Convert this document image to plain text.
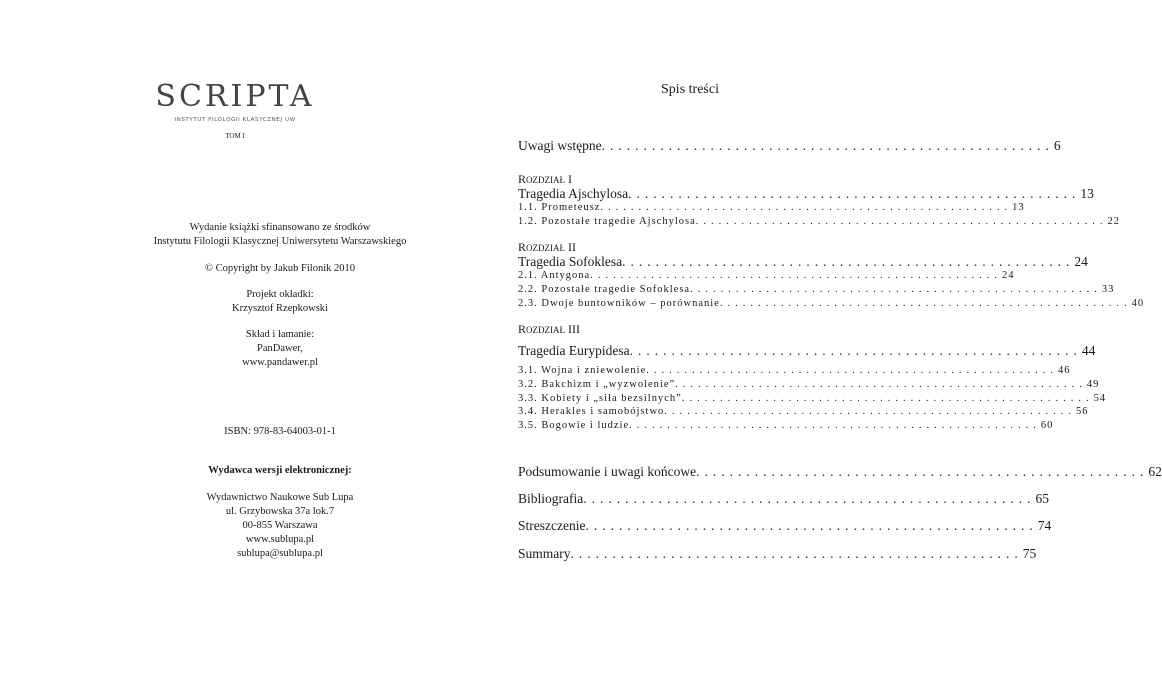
SCRIPTA
INSTYTUT FILOLOGII KLASYCZNEJ UW
TOM I
Wydanie książki sfinansowano ze środków
Instytutu Filologii Klasycznej Uniwersytetu Warszawskiego
© Copyright by Jakub Filonik 2010
Projekt okładki:
Krzysztof Rzepkowski
Skład i łamanie:
PanDawer,
www.pandawer.pl
ISBN: 978-83-64003-01-1
Wydawca wersji elektronicznej:
Wydawnictwo Naukowe Sub Lupa
ul. Grzybowska 37a lok.7
00-855 Warszawa
www.sublupa.pl
sublupa@sublupa.pl
Spis treści
Uwagi wstępne ...................................................... 6
ROZDZIAŁ I
Tragedia Ajschylosa ...................................................... 13
1.1. Prometeusz ...................................................... 13
1.2. Pozostałe tragedie Ajschylosa ...................................................... 22
ROZDZIAŁ II
Tragedia Sofoklesa ...................................................... 24
2.1. Antygona ...................................................... 24
2.2. Pozostałe tragedie Sofoklesa ...................................................... 33
2.3. Dwoje buntowników – porównanie ...................................................... 40
ROZDZIAŁ III
Tragedia Eurypidesa ...................................................... 44
3.1. Wojna i zniewolenie ...................................................... 46
3.2. Bakchizm i „wyzwolenie” ...................................................... 49
3.3. Kobiety i „siła bezsilnych” ...................................................... 54
3.4. Herakles i samobójstwo ...................................................... 56
3.5. Bogowie i ludzie ...................................................... 60
Podsumowanie i uwagi końcowe ...................................................... 62
Bibliografia ...................................................... 65
Streszczenie ...................................................... 74
Summary ...................................................... 75
